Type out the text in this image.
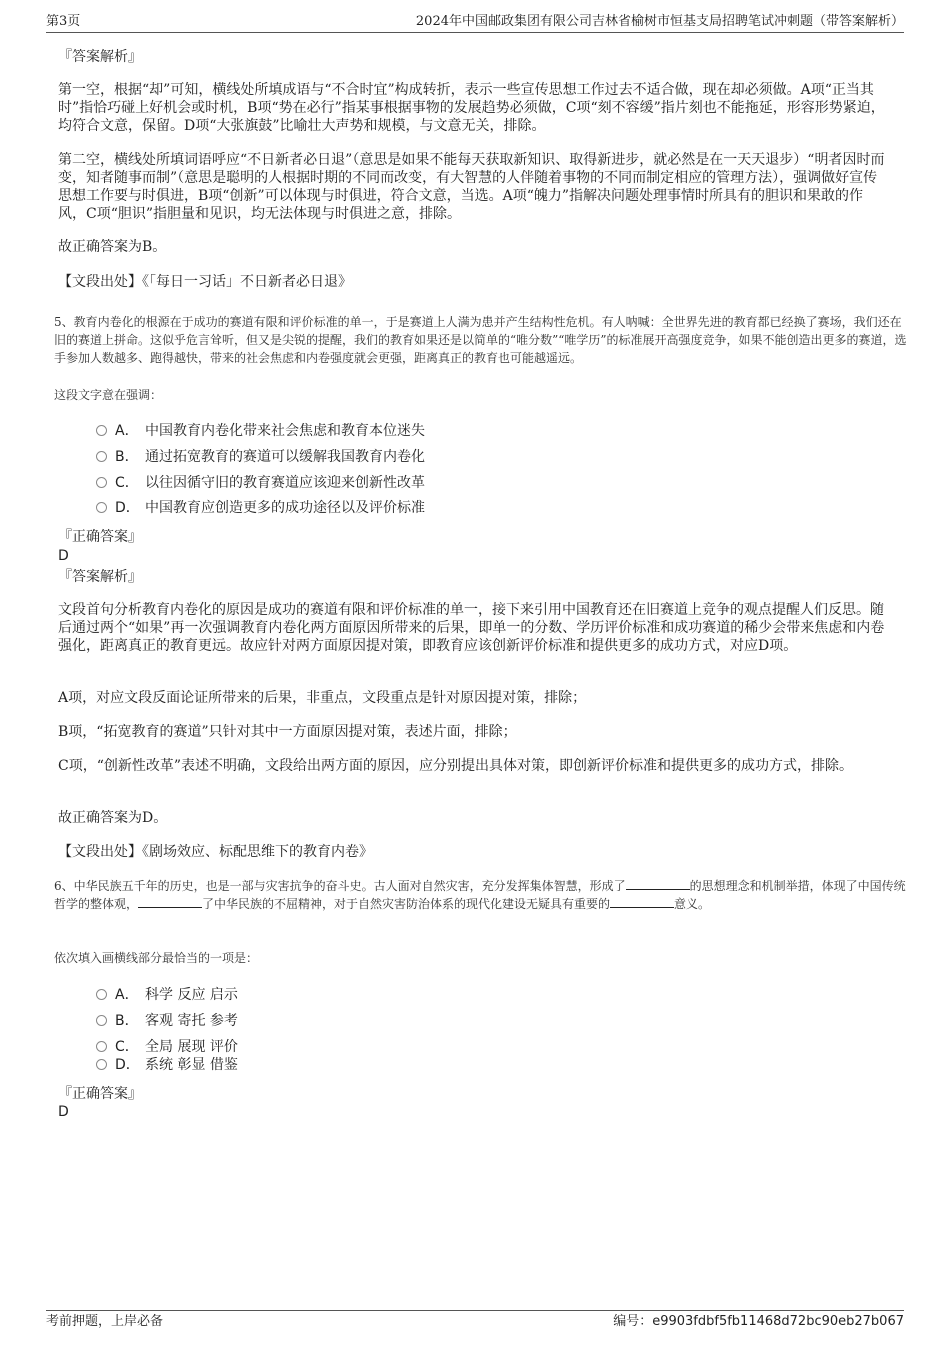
第3页	2024年中国邮政集团有限公司吉林省榆树市恒基支局招聘笔试冲刺题（带答案解析）
『答案解析』
第一空，根据“却”可知，横线处所填成语与“不合时宜”构成转折，表示一些宣传思想工作过去不适合做，现在却必须做。A项“正当其时”指恰巧碰上好机会或时机，B项“势在必行”指某事根据事物的发展趋势必须做，C项“刻不容缓”指片刻也不能拖延，形容形势紧迫，均符合文意，保留。D项“大张旗鼓”比喻壮大声势和规模，与文意无关，排除。
第二空，横线处所填词语呼应“不日新者必日退”（意思是如果不能每天获取新知识、取得新进步，就必然是在一天天退步）“明者因时而变，知者随事而制”（意思是聪明的人根据时期的不同而改变，有大智慧的人伴随着事物的不同而制定相应的管理方法），强调做好宣传思想工作要与时俱进，B项“创新”可以体现与时俱进，符合文意，当选。A项“魄力”指解决问题处理事情时所具有的胆识和果敢的作风，C项“胆识”指胆量和见识，均无法体现与时俱进之意，排除。
故正确答案为B。
【文段出处】《「每日一习话」不日新者必日退》
5、教育内卷化的根源在于成功的赛道有限和评价标准的单一，于是赛道上人满为患并产生结构性危机。有人呐喊：全世界先进的教育都已经换了赛场，我们还在旧的赛道上拼命。这似乎危言耸听，但又是尖锐的提醒，我们的教育如果还是以简单的“唯分数”“唯学历”的标准展开高强度竞争，如果不能创造出更多的赛道，选手参加人数越多、跑得越快，带来的社会焦虑和内卷强度就会更强，距离真正的教育也可能越遥远。
这段文字意在强调：
A． 中国教育内卷化带来社会焦虑和教育本位迷失
B． 通过拓宽教育的赛道可以缓解我国教育内卷化
C． 以往因循守旧的教育赛道应该迎来创新性改革
D． 中国教育应创造更多的成功途径以及评价标准
『正确答案』
D
『答案解析』
文段首句分析教育内卷化的原因是成功的赛道有限和评价标准的单一，接下来引用中国教育还在旧赛道上竞争的观点提醒人们反思。随后通过两个“如果”再一次强调教育内卷化两方面原因所带来的后果，即单一的分数、学历评价标准和成功赛道的稀少会带来焦虑和内卷强化，距离真正的教育更远。故应针对两方面原因提对策，即教育应该创新评价标准和提供更多的成功方式，对应D项。
A项，对应文段反面论证所带来的后果，非重点，文段重点是针对原因提对策，排除；
B项，“拓宽教育的赛道”只针对其中一方面原因提对策，表述片面，排除；
C项，“创新性改革”表述不明确，文段给出两方面的原因，应分别提出具体对策，即创新评价标准和提供更多的成功方式，排除。
故正确答案为D。
【文段出处】《剧场效应、标配思维下的教育内卷》
6、中华民族五千年的历史，也是一部与灾害抗争的奋斗史。古人面对自然灾害，充分发挥集体智慧，形成了	的思想理念和机制举措，体现了中国传统哲学的整体观，	了中华民族的不屈精神，对于自然灾害防治体系的现代化建设无疑具有重要的	意义。
依次填入画横线部分最恰当的一项是：
A． 科学 反应 启示
B． 客观 寄托 参考
C． 全局 展现 评价
D． 系统 彰显 借鉴
『正确答案』
D
考前押题，上岸必备	编号：e9903fdbf5fb11468d72bc90eb27b067
